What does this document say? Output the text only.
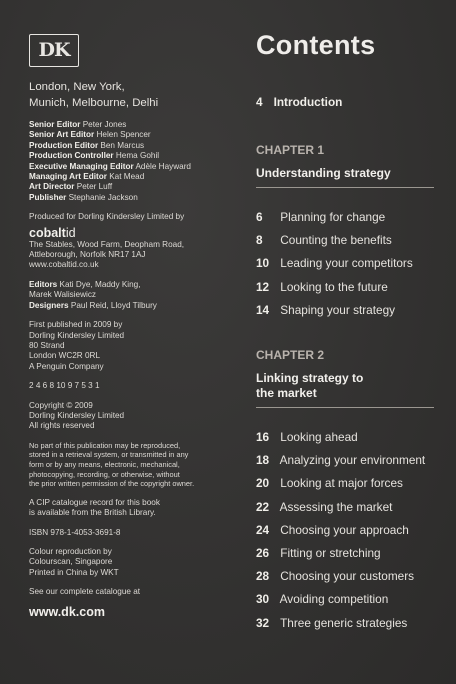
DK
London, New York,
Munich, Melbourne, Delhi
Senior Editor Peter Jones
Senior Art Editor Helen Spencer
Production Editor Ben Marcus
Production Controller Hema Gohil
Executive Managing Editor Adèle Hayward
Managing Art Editor Kat Mead
Art Director Peter Luff
Publisher Stephanie Jackson
Produced for Dorling Kindersley Limited by
cobaltid
The Stables, Wood Farm, Deopham Road,
Attleborough, Norfolk NR17 1AJ
www.cobaltid.co.uk
Editors Kati Dye, Maddy King,
Marek Walisiewicz
Designers Paul Reid, Lloyd Tilbury
First published in 2009 by
Dorling Kindersley Limited
80 Strand
London WC2R 0RL
A Penguin Company
2 4 6 8 10 9 7 5 3 1
Copyright © 2009
Dorling Kindersley Limited
All rights reserved
No part of this publication may be reproduced,
stored in a retrieval system, or transmitted in any
form or by any means, electronic, mechanical,
photocopying, recording, or otherwise, without
the prior written permission of the copyright owner.
A CIP catalogue record for this book
is available from the British Library.
ISBN 978-1-4053-3691-8
Colour reproduction by
Colourscan, Singapore
Printed in China by WKT
See our complete catalogue at
www.dk.com
Contents
4 Introduction
CHAPTER 1
Understanding strategy
6 Planning for change
8 Counting the benefits
10 Leading your competitors
12 Looking to the future
14 Shaping your strategy
CHAPTER 2
Linking strategy to
the market
16 Looking ahead
18 Analyzing your environment
20 Looking at major forces
22 Assessing the market
24 Choosing your approach
26 Fitting or stretching
28 Choosing your customers
30 Avoiding competition
32 Three generic strategies
